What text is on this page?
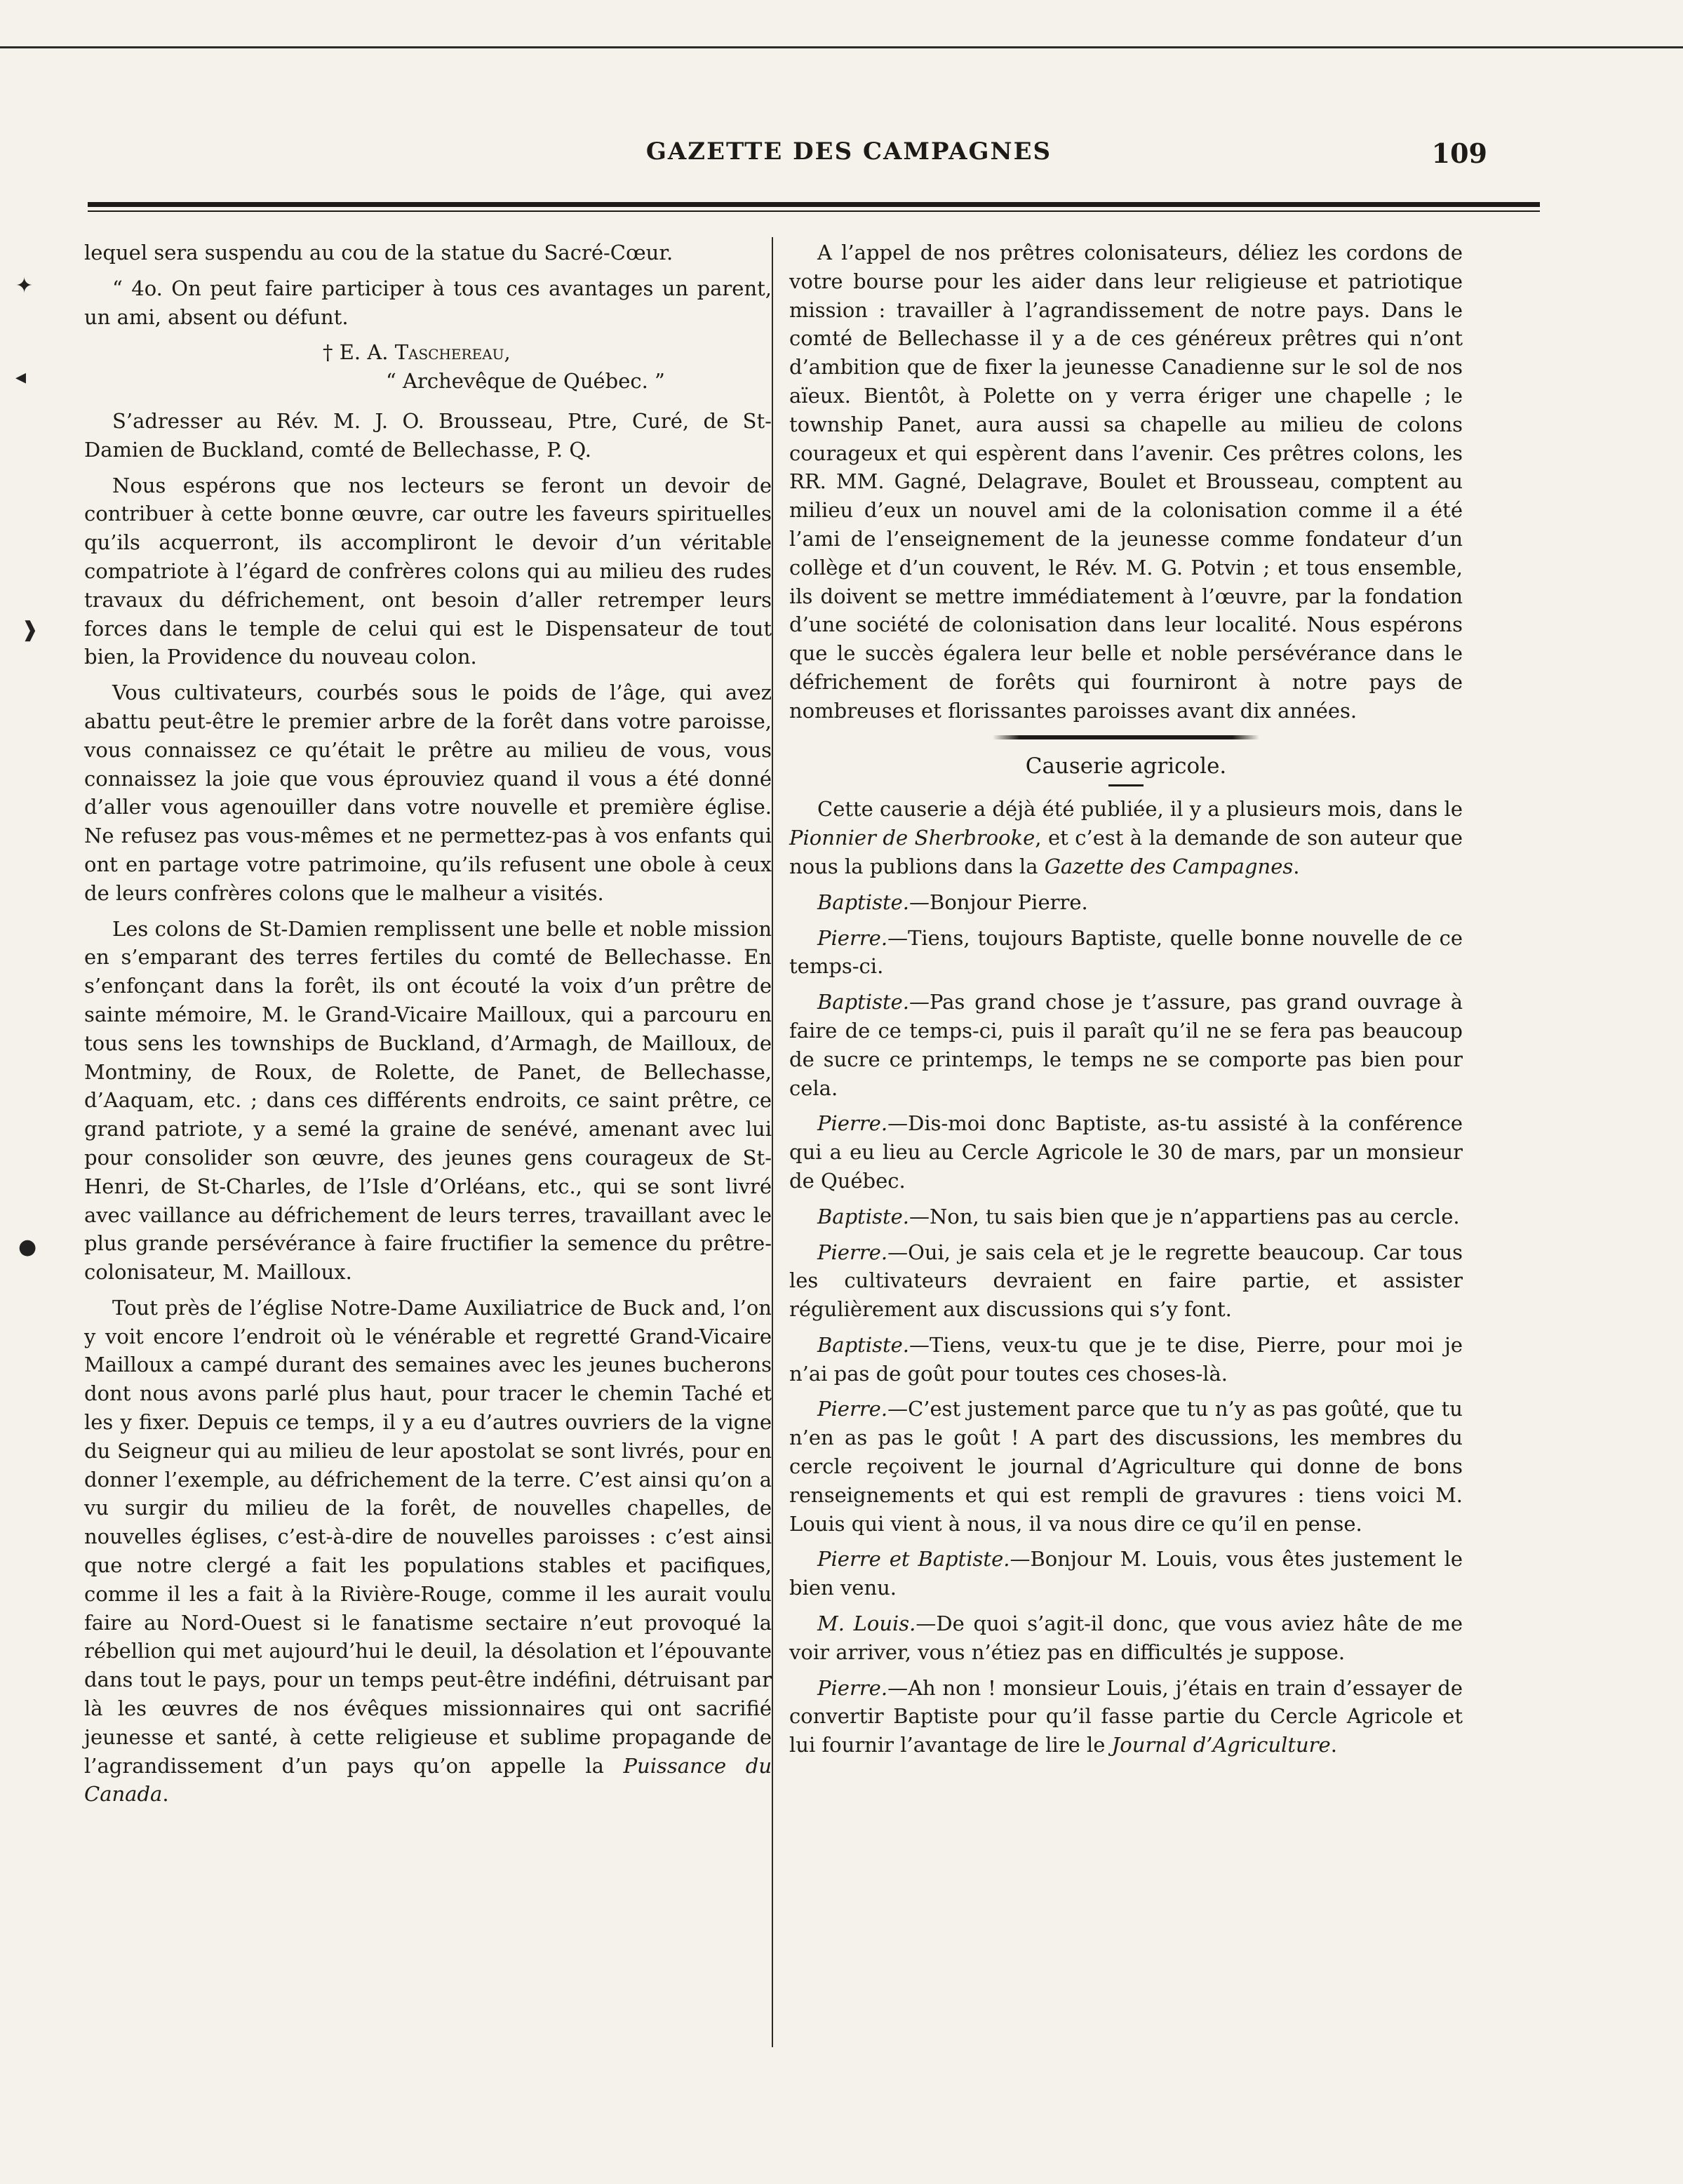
GAZETTE DES CAMPAGNES	109

lequel sera suspendu au cou de la statue du Sacré-Cœur.

“ 4o. On peut faire participer à tous ces avantages un parent, un ami, absent ou défunt.

† E. A. Taschereau,

“ Archevêque de Québec. ”

S’adresser au Rév. M. J. O. Brousseau, Ptre, Curé, de St-Damien de Buckland, comté de Bellechasse, P. Q.

Nous espérons que nos lecteurs se feront un devoir de contribuer à cette bonne œuvre, car outre les faveurs spirituelles qu’ils acquerront, ils accompliront le devoir d’un véritable compatriote à l’égard de confrères colons qui au milieu des rudes travaux du défrichement, ont besoin d’aller retremper leurs forces dans le temple de celui qui est le Dispensateur de tout bien, la Providence du nouveau colon.

Vous cultivateurs, courbés sous le poids de l’âge, qui avez abattu peut-être le premier arbre de la forêt dans votre paroisse, vous connaissez ce qu’était le prêtre au milieu de vous, vous connaissez la joie que vous éprouviez quand il vous a été donné d’aller vous agenouiller dans votre nouvelle et première église. Ne refusez pas vous-mêmes et ne permettez-pas à vos enfants qui ont en partage votre patrimoine, qu’ils refusent une obole à ceux de leurs confrères colons que le malheur a visités.

Les colons de St-Damien remplissent une belle et noble mission en s’emparant des terres fertiles du comté de Bellechasse. En s’enfonçant dans la forêt, ils ont écouté la voix d’un prêtre de sainte mémoire, M. le Grand-Vicaire Mailloux, qui a parcouru en tous sens les townships de Buckland, d’Armagh, de Mailloux, de Montminy, de Roux, de Rolette, de Panet, de Bellechasse, d’Aaquam, etc. ; dans ces différents endroits, ce saint prêtre, ce grand patriote, y a semé la graine de senévé, amenant avec lui pour consolider son œuvre, des jeunes gens courageux de St-Henri, de St-Charles, de l’Isle d’Orléans, etc., qui se sont livré avec vaillance au défrichement de leurs terres, travaillant avec le plus grande persévérance à faire fructifier la semence du prêtre-colonisateur, M. Mailloux.

Tout près de l’église Notre-Dame Auxiliatrice de Buck and, l’on y voit encore l’endroit où le vénérable et regretté Grand-Vicaire Mailloux a campé durant des semaines avec les jeunes bucherons dont nous avons parlé plus haut, pour tracer le chemin Taché et les y fixer. Depuis ce temps, il y a eu d’autres ouvriers de la vigne du Seigneur qui au milieu de leur apostolat se sont livrés, pour en donner l’exemple, au défrichement de la terre. C’est ainsi qu’on a vu surgir du milieu de la forêt, de nouvelles chapelles, de nouvelles églises, c’est-à-dire de nouvelles paroisses : c’est ainsi que notre clergé a fait les populations stables et pacifiques, comme il les a fait à la Rivière-Rouge, comme il les aurait voulu faire au Nord-Ouest si le fanatisme sectaire n’eut provoqué la rébellion qui met aujourd’hui le deuil, la désolation et l’épouvante dans tout le pays, pour un temps peut-être indéfini, détruisant par là les œuvres de nos évêques missionnaires qui ont sacrifié jeunesse et santé, à cette religieuse et sublime propagande de l’agrandissement d’un pays qu’on appelle la Puissance du Canada.

A l’appel de nos prêtres colonisateurs, déliez les cordons de votre bourse pour les aider dans leur religieuse et patriotique mission : travailler à l’agrandissement de notre pays. Dans le comté de Bellechasse il y a de ces généreux prêtres qui n’ont d’ambition que de fixer la jeunesse Canadienne sur le sol de nos aïeux. Bientôt, à Polette on y verra ériger une chapelle ; le township Panet, aura aussi sa chapelle au milieu de colons courageux et qui espèrent dans l’avenir. Ces prêtres colons, les RR. MM. Gagné, Delagrave, Boulet et Brousseau, comptent au milieu d’eux un nouvel ami de la colonisation comme il a été l’ami de l’enseignement de la jeunesse comme fondateur d’un collège et d’un couvent, le Rév. M. G. Potvin ; et tous ensemble, ils doivent se mettre immédiatement à l’œuvre, par la fondation d’une société de colonisation dans leur localité. Nous espérons que le succès égalera leur belle et noble persévérance dans le défrichement de forêts qui fourniront à notre pays de nombreuses et florissantes paroisses avant dix années.

Causerie agricole.

Cette causerie a déjà été publiée, il y a plusieurs mois, dans le Pionnier de Sherbrooke, et c’est à la demande de son auteur que nous la publions dans la Gazette des Campagnes.

Baptiste.—Bonjour Pierre.

Pierre.—Tiens, toujours Baptiste, quelle bonne nouvelle de ce temps-ci.

Baptiste.—Pas grand chose je t’assure, pas grand ouvrage à faire de ce temps-ci, puis il paraît qu’il ne se fera pas beaucoup de sucre ce printemps, le temps ne se comporte pas bien pour cela.

Pierre.—Dis-moi donc Baptiste, as-tu assisté à la conférence qui a eu lieu au Cercle Agricole le 30 de mars, par un monsieur de Québec.

Baptiste.—Non, tu sais bien que je n’appartiens pas au cercle.

Pierre.—Oui, je sais cela et je le regrette beaucoup. Car tous les cultivateurs devraient en faire partie, et assister régulièrement aux discussions qui s’y font.

Baptiste.—Tiens, veux-tu que je te dise, Pierre, pour moi je n’ai pas de goût pour toutes ces choses-là.

Pierre.—C’est justement parce que tu n’y as pas goûté, que tu n’en as pas le goût ! A part des discussions, les membres du cercle reçoivent le journal d’Agriculture qui donne de bons renseignements et qui est rempli de gravures : tiens voici M. Louis qui vient à nous, il va nous dire ce qu’il en pense.

Pierre et Baptiste.—Bonjour M. Louis, vous êtes justement le bien venu.

M. Louis.—De quoi s’agit-il donc, que vous aviez hâte de me voir arriver, vous n’étiez pas en difficultés je suppose.

Pierre.—Ah non ! monsieur Louis, j’étais en train d’essayer de convertir Baptiste pour qu’il fasse partie du Cercle Agricole et lui fournir l’avantage de lire le Journal d’Agriculture.

✦
◂
❱
●
